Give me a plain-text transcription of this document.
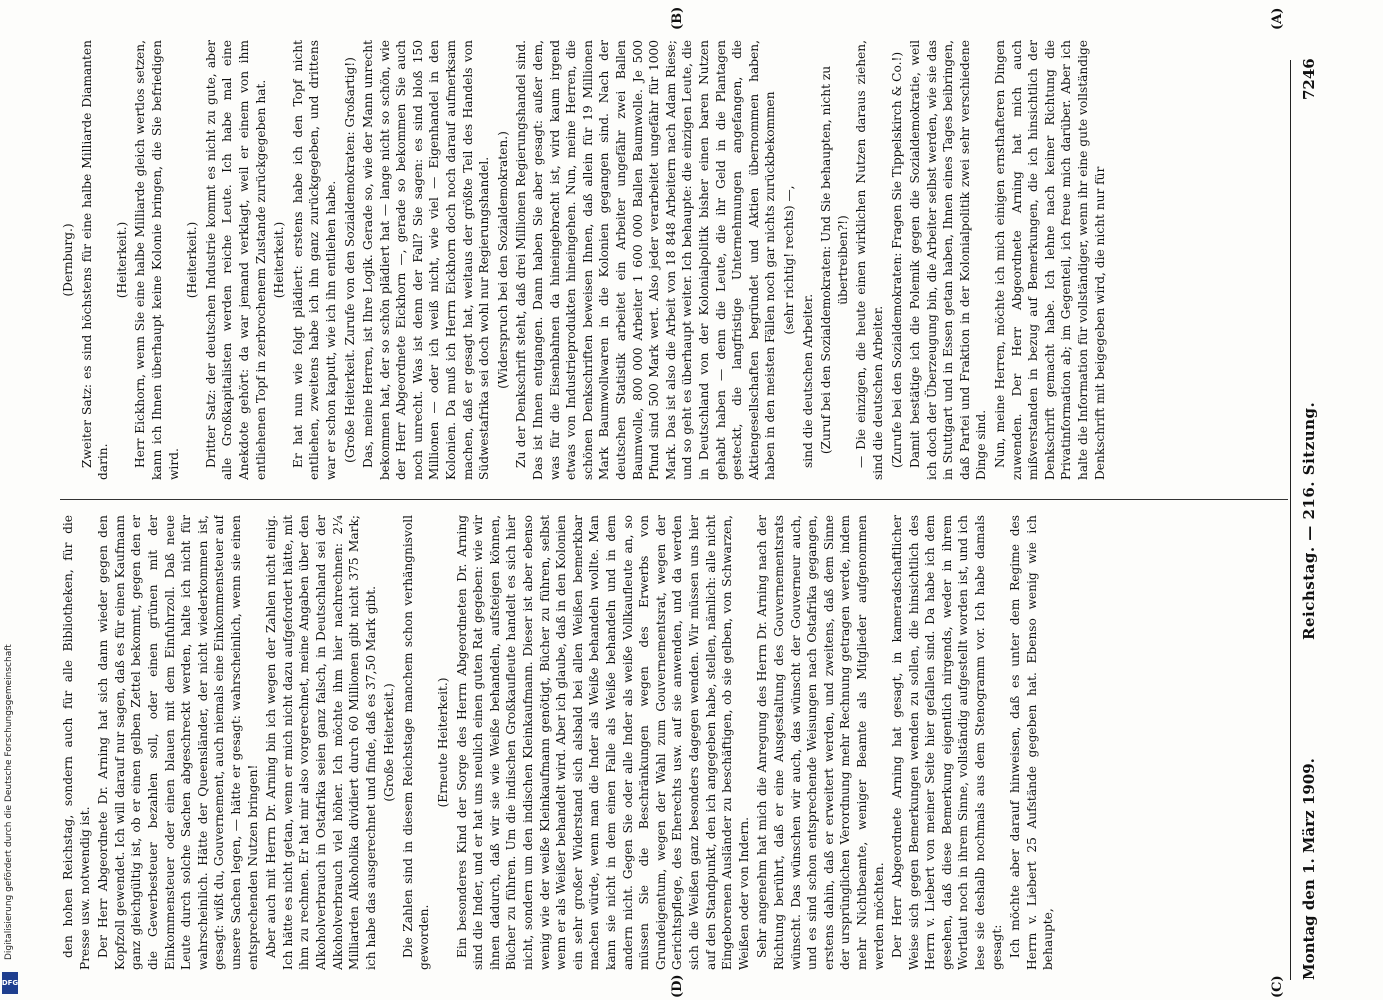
7246
Reichstag. — 216. Sitzung.
Montag den 1. März 1909.
(A)
(B)
(C)
(D)

(Dernburg.) Zweiter Satz: es sind höchstens für eine halbe Milliarde Diamanten darin.

(Heiterkeit.) Herr Eickhorn, wenn Sie eine halbe Milliarde gleich wertlos setzen, kann ich Ihnen überhaupt keine Kolonie bringen, die Sie befriedigen wird.

(Heiterkeit.) Dritter Satz: der deutschen Industrie kommt es nicht zu gute, aber alle Großkapitalisten werden reiche Leute. Ich habe mal eine Anekdote gehört: da war jemand verklagt, weil er einem von ihm entliehenen Topf in zerbrochenem Zustande zurückgegeben hat. (Heiterkeit.) Er hat nun wie folgt plädiert: erstens habe ich den Topf nicht entliehen, zweitens habe ich ihn ganz zurückgegeben, und drittens war er schon kaputt, wie ich ihn entliehen habe. (Große Heiterkeit. Zurufe von den Sozialdemokraten: Großartig!) Das, meine Herren, ist Ihre Logik. Gerade so, wie der Mann unrecht bekommen hat, der so schön plädiert hat — lange nicht so schön, wie der Herr Abgeordnete Eickhorn —, gerade so bekommen Sie auch noch unrecht. Was ist denn der Fall? Sie sagen: es sind bloß 150 Millionen — oder ich weiß nicht, wie viel — Eigenhandel in den Kolonien. Da muß ich Herrn Eickhorn doch noch darauf aufmerksam machen, daß er gesagt hat, weitaus der größte Teil des Handels von Südwestafrika sei doch wohl nur Regierungshandel. (Widerspruch bei den Sozialdemokraten.) Zu der Denkschrift steht, daß drei Millionen Regierungshandel sind. Das ist Ihnen entgangen. Dann haben Sie aber gesagt: außer dem, was für die Eisenbahnen da hineingebracht ist, wird kaum irgend etwas von Industrieprodukten hineingehen. Nun, meine Herren, die schönen Denkschriften beweisen Ihnen, daß allein für 19 Millionen Mark Baumwollwaren in die Kolonien gegangen sind. Nach der deutschen Statistik arbeitet ein Arbeiter ungefähr zwei Ballen Baumwolle, 800 000 Arbeiter 1 600 000 Ballen Baumwolle. Je 500 Pfund sind 500 Mark wert. Also jeder verarbeitet ungefähr für 1000 Mark. Das ist also die Arbeit von 18 848 Arbeitern nach Adam Riese; und so geht es überhaupt weiter. Ich behaupte: die einzigen Leute, die in Deutschland von der Kolonialpolitik bisher einen baren Nutzen gehabt haben — denn die Leute, die ihr Geld in die Plantagen gesteckt, die langfristige Unternehmungen angefangen, die Aktiengesellschaften begründet und Aktien übernommen haben, haben in den meisten Fällen noch gar nichts zurückbekommen (sehr richtig! rechts) —,

sind die deutschen Arbeiter. (Zuruf bei den Sozialdemokraten: Und Sie behaupten, nicht zu übertreiben?!) — Die einzigen, die heute einen wirklichen Nutzen daraus ziehen, sind die deutschen Arbeiter. (Zurufe bei den Sozialdemokraten: Fragen Sie Tippelskirch & Co.!) Damit bestätige ich die Polemik gegen die Sozialdemokratie, weil ich doch der Überzeugung bin, die Arbeiter selbst werden, wie sie das in Stuttgart und in Essen getan haben, Ihnen eines Tages beibringen, daß Partei und Fraktion in der Kolonialpolitik zwei sehr verschiedene Dinge sind. Nun, meine Herren, möchte ich mich einigen ernsthafteren Dingen zuwenden. Der Herr Abgeordnete Arning hat mich auch mißverstanden in bezug auf Bemerkungen, die ich hinsichtlich der Denkschrift gemacht habe. Ich lehne nach keiner Richtung die Privatinformation ab; im Gegenteil, ich freue mich darüber. Aber ich halte die Information für vollständiger, wenn ihr eine gute vollständige Denkschrift mit beigegeben wird, die nicht nur für

den hohen Reichstag, sondern auch für alle Bibliotheken, für die Presse usw. notwendig ist. Der Herr Abgeordnete Dr. Arning hat sich dann wieder gegen den Kopfzoll gewendet. Ich will darauf nur sagen, daß es für einen Kaufmann ganz gleichgültig ist, ob er einen gelben Zettel bekommt, gegen den er die Gewerbesteuer bezahlen soll, oder einen grünen mit der Einkommensteuer oder einen blauen mit dem Einfuhrzoll. Daß neue Leute durch solche Sachen abgeschreckt werden, halte ich nicht für wahrscheinlich. Hätte der Queensländer, der nicht wiederkommen ist, gesagt: wißt du, Gouvernement, auch niemals eine Einkommensteuer auf unsere Sachen legen, — hätte er gesagt: wahrscheinlich, wenn sie einen entsprechenden Nutzen bringen! Aber auch mit Herrn Dr. Arning bin ich wegen der Zahlen nicht einig. Ich hätte es nicht getan, wenn er mich nicht dazu aufgefordert hätte, mit ihm zu rechnen. Er hat mir also vorgerechnet, meine Angaben über den Alkoholverbrauch in Ostafrika seien ganz falsch, in Deutschland sei der Alkoholverbrauch viel höher. Ich möchte ihm hier nachrechnen: 2¼ Milliarden Alkoholika dividiert durch 60 Millionen gibt nicht 375 Mark; ich habe das ausgerechnet und finde, daß es 37,50 Mark gibt. (Große Heiterkeit.) Die Zahlen sind in diesem Reichstage manchem schon verhängnisvoll geworden.

(Erneute Heiterkeit.) Ein besonderes Kind der Sorge des Herrn Abgeordneten Dr. Arning sind die Inder, und er hat uns neulich einen guten Rat gegeben: wie wir ihnen dadurch, daß wir sie wie Weiße behandeln, aufsteigen können, Bücher zu führen. Um die indischen Großkaufleute handelt es sich hier nicht, sondern um den indischen Kleinkaufmann. Dieser ist aber ebenso wenig wie der weiße Kleinkaufmann genötigt, Bücher zu führen, selbst wenn er als Weißer behandelt wird. Aber ich glaube, daß in den Kolonien ein sehr großer Widerstand sich alsbald bei allen Weißen bemerkbar machen würde, wenn man die Inder als Weiße behandeln wollte. Man kann sie nicht in dem einen Falle als Weiße behandeln und in dem andern nicht. Gegen Sie oder alle Inder als weiße Vollkaufleute an, so müssen Sie die Beschränkungen wegen des Erwerbs von Grundeigentum, wegen der Wahl zum Gouvernementsrat, wegen der Gerichtspflege, des Eherechts usw. auf sie anwenden, und da werden sich die Weißen ganz besonders dagegen wenden. Wir müssen uns hier auf den Standpunkt, den ich angegeben habe, stellen, nämlich: alle nicht Eingeborenen Ausländer zu beschäftigen, ob sie gelben, von Schwarzen, Weißen oder von Indern. Sehr angenehm hat mich die Anregung des Herrn Dr. Arning nach der Richtung berührt, daß er eine Ausgestaltung des Gouvernementsrats wünscht. Das wünschen wir auch, das wünscht der Gouverneur auch, und es sind schon entsprechende Weisungen nach Ostafrika gegangen, erstens dahin, daß er erweitert werden, und zweitens, daß dem Sinne der ursprünglichen Verordnung mehr Rechnung getragen werde, indem mehr Nichtbeamte, weniger Beamte als Mitglieder aufgenommen werden möchten. Der Herr Abgeordnete Arning hat gesagt, in kameradschaftlicher Weise sich gegen Bemerkungen wenden zu sollen, die hinsichtlich des Herrn v. Liebert von meiner Seite hier gefallen sind. Da habe ich dem gesehen, daß diese Bemerkung eigentlich nirgends, weder in ihrem Wortlaut noch in ihrem Sinne, vollständig aufgestellt worden ist, und ich lese sie deshalb nochmals aus dem Stenogramm vor. Ich habe damals gesagt: Ich möchte aber darauf hinweisen, daß es unter dem Regime des Herrn v. Liebert 25 Aufstände gegeben hat. Ebenso wenig wie ich behaupte,

Digitalisierung gefördert durch die Deutsche Forschungsgemeinschaft
DFG
